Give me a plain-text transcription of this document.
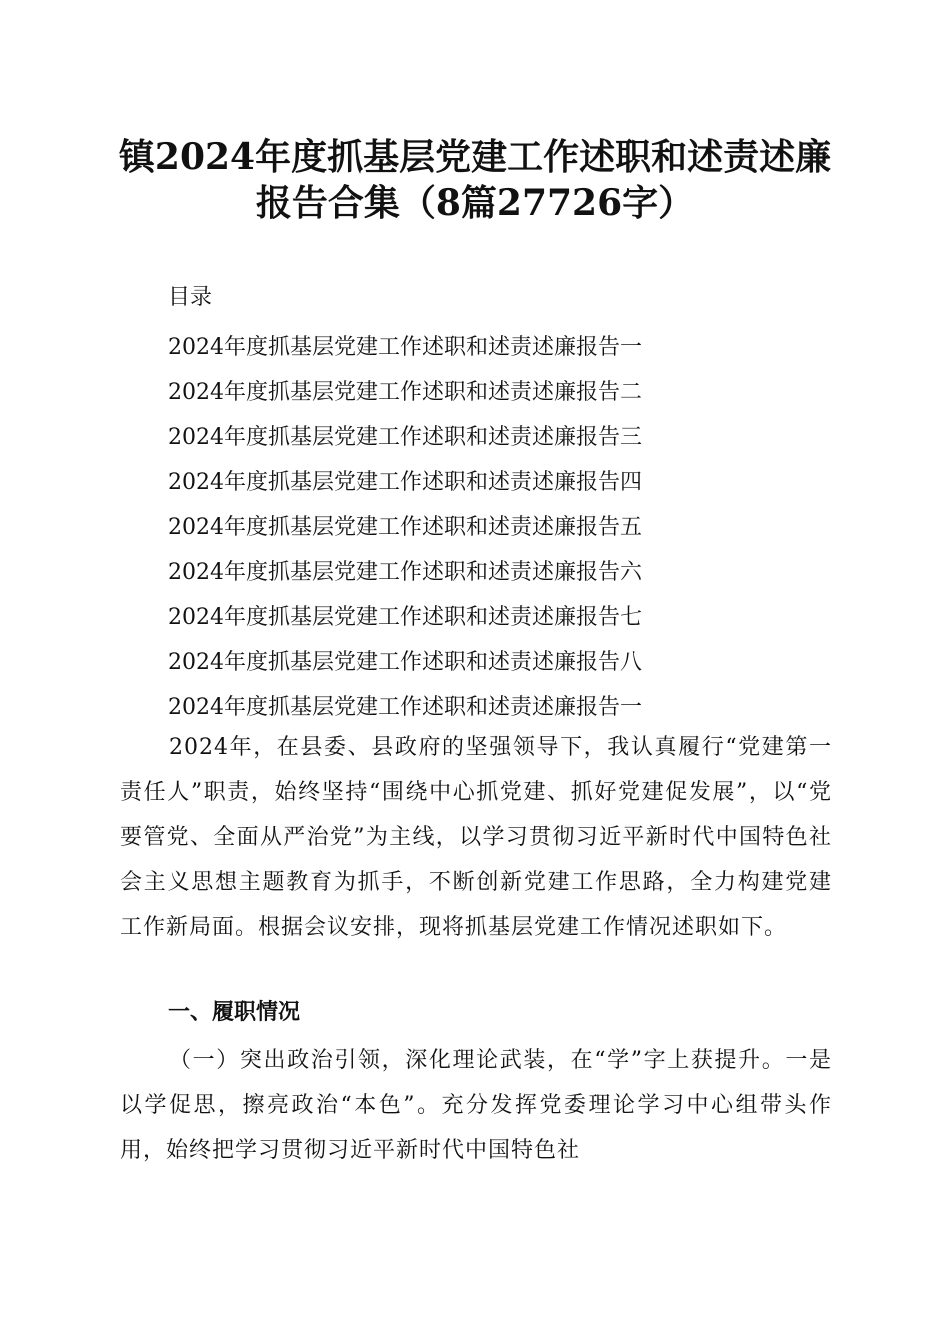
镇2024年度抓基层党建工作述职和述责述廉
报告合集（8篇27726字）
目录
2024年度抓基层党建工作述职和述责述廉报告一
2024年度抓基层党建工作述职和述责述廉报告二
2024年度抓基层党建工作述职和述责述廉报告三
2024年度抓基层党建工作述职和述责述廉报告四
2024年度抓基层党建工作述职和述责述廉报告五
2024年度抓基层党建工作述职和述责述廉报告六
2024年度抓基层党建工作述职和述责述廉报告七
2024年度抓基层党建工作述职和述责述廉报告八
2024年度抓基层党建工作述职和述责述廉报告一

2024年，在县委、县政府的坚强领导下，我认真履行“党建第一责任人”职责，始终坚持“围绕中心抓党建、抓好党建促发展”，以“党要管党、全面从严治党”为主线，以学习贯彻习近平新时代中国特色社会主义思想主题教育为抓手，不断创新党建工作思路，全力构建党建工作新局面。根据会议安排，现将抓基层党建工作情况述职如下。

一、履职情况

（一）突出政治引领，深化理论武装，在“学”字上获提升。一是以学促思，擦亮政治“本色”。充分发挥党委理论学习中心组带头作用，始终把学习贯彻习近平新时代中国特色社
